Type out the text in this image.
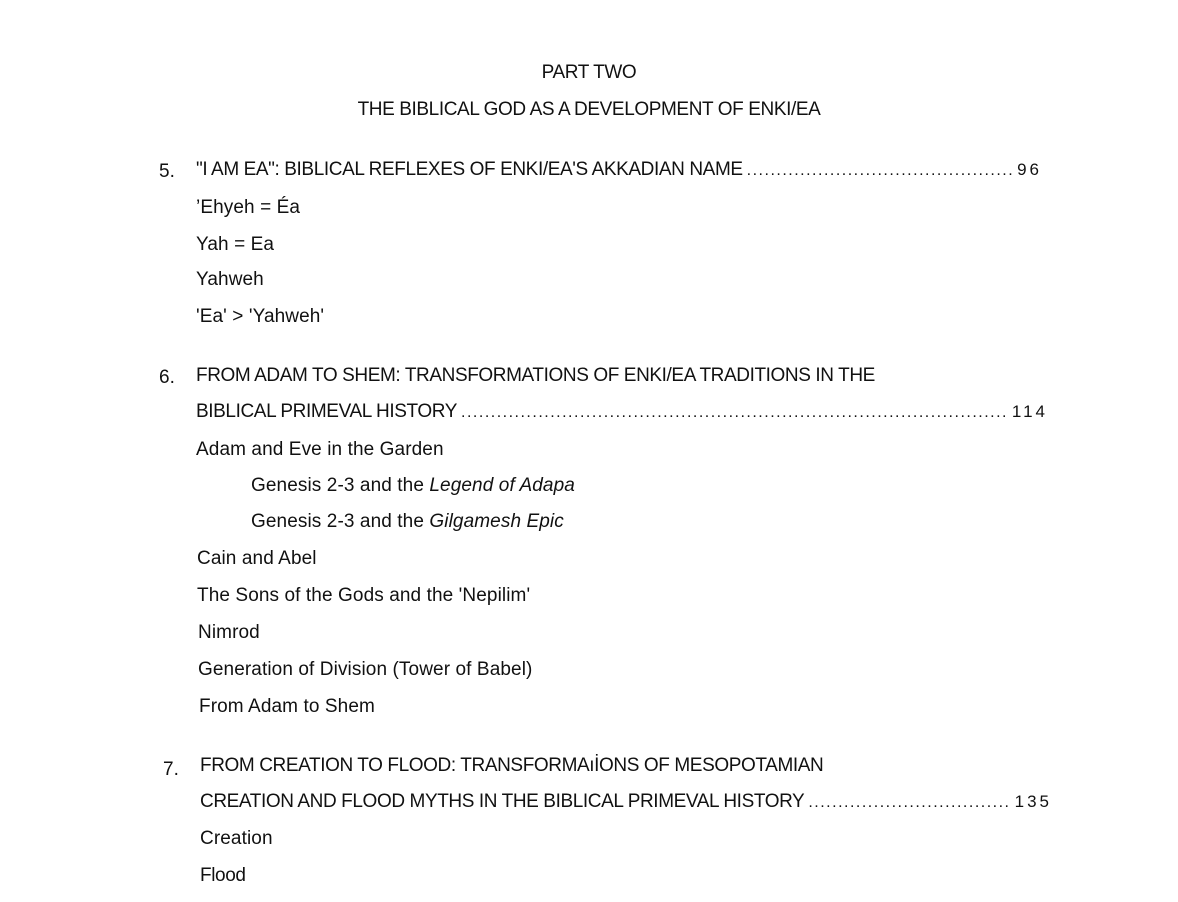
PART TWO
THE BIBLICAL GOD AS A DEVELOPMENT OF ENKI/EA
5. "I AM EA": BIBLICAL REFLEXES OF ENKI/EA'S AKKADIAN NAME .....	96
’Ehyeh = Éa
Yah = Ea
Yahweh
'Ea' > 'Yahweh'
6. FROM ADAM TO SHEM: TRANSFORMATIONS OF ENKI/EA TRADITIONS IN THE
BIBLICAL PRIMEVAL HISTORY .....	114
Adam and Eve in the Garden
Genesis 2-3 and the Legend of Adapa
Genesis 2-3 and the Gilgamesh Epic
Cain and Abel
The Sons of the Gods and the 'Nepilim'
Nimrod
Generation of Division (Tower of Babel)
From Adam to Shem
7. FROM CREATION TO FLOOD: TRANSFORMAıİONS OF MESOPOTAMIAN
CREATION AND FLOOD MYTHS IN THE BIBLICAL PRIMEVAL HISTORY .....	135
Creation
Flood
